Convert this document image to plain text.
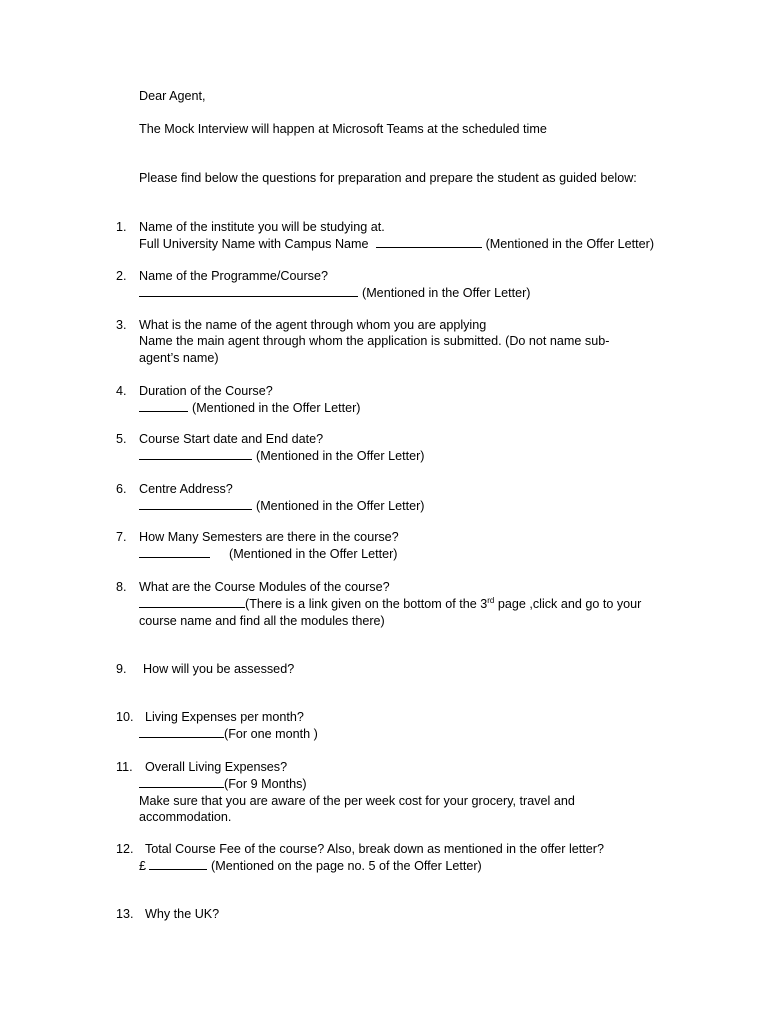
Dear Agent,
The Mock Interview will happen at Microsoft Teams at the scheduled time
Please find below the questions for preparation and prepare the student as guided below:
1. Name of the institute you will be studying at.
Full University Name with Campus Name	(Mentioned in the Offer Letter)
2. Name of the Programme/Course?
(Mentioned in the Offer Letter)
3. What is the name of the agent through whom you are applying
Name the main agent through whom the application is submitted. (Do not name sub-
agent’s name)
4. Duration of the Course?
(Mentioned in the Offer Letter)
5. Course Start date and End date?
(Mentioned in the Offer Letter)
6. Centre Address?
(Mentioned in the Offer Letter)
7. How Many Semesters are there in the course?
(Mentioned in the Offer Letter)
8. What are the Course Modules of the course?
(There is a link given on the bottom of the 3rd page ,click and go to your
course name and find all the modules there)
9. How will you be assessed?
10. Living Expenses per month?
(For one month )
11. Overall Living Expenses?
(For 9 Months)
Make sure that you are aware of the per week cost for your grocery, travel and
accommodation.
12. Total Course Fee of the course? Also, break down as mentioned in the offer letter?
£	(Mentioned on the page no. 5 of the Offer Letter)
13. Why the UK?
